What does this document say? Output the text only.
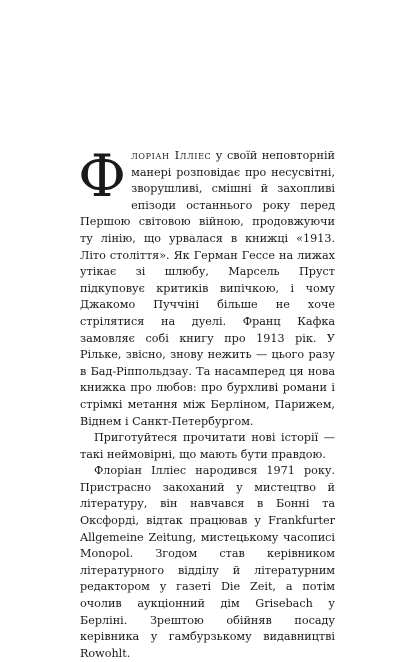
Флоріан Ілліес у своїй неповторній манері розповідає про несусвітні, зворушливі, смішні й захопливі епізоди останнього року перед Першою світовою війною, продовжуючи ту лінію, що урвалася в книжці «1913. Літо століття». Як Герман Гессе на лижах утікає зі шлюбу, Марсель Пруст підкуповує критиків випічкою, і чому Джакомо Пуччіні більше не хоче стрілятися на дуелі. Франц Кафка замовляє собі книгу про 1913 рік. У Рільке, звісно, знову нежить — цього разу в Бад-Ріппольдзау. Та насамперед ця нова книжка про любов: про бурхливі романи і стрімкі метання між Берліном, Парижем, Віднем і Санкт-Петербургом.

Приготуйтеся прочитати нові історії — такі неймовірні, що мають бути правдою.

Флоріан Ілліес народився 1971 року. Пристрасно закоханий у мистецтво й літературу, він навчався в Бонні та Оксфорді, відтак працював у Frankfurter Allgemeine Zeitung, мистецькому часописі Monopol. Згодом став керівником літературного відділу й літературним редактором у газеті Die Zeit, а потім очолив аукціонний дім Grisebach у Берліні. Зрештою обійняв посаду керівника у гамбурзькому видавництві Rowohlt.
